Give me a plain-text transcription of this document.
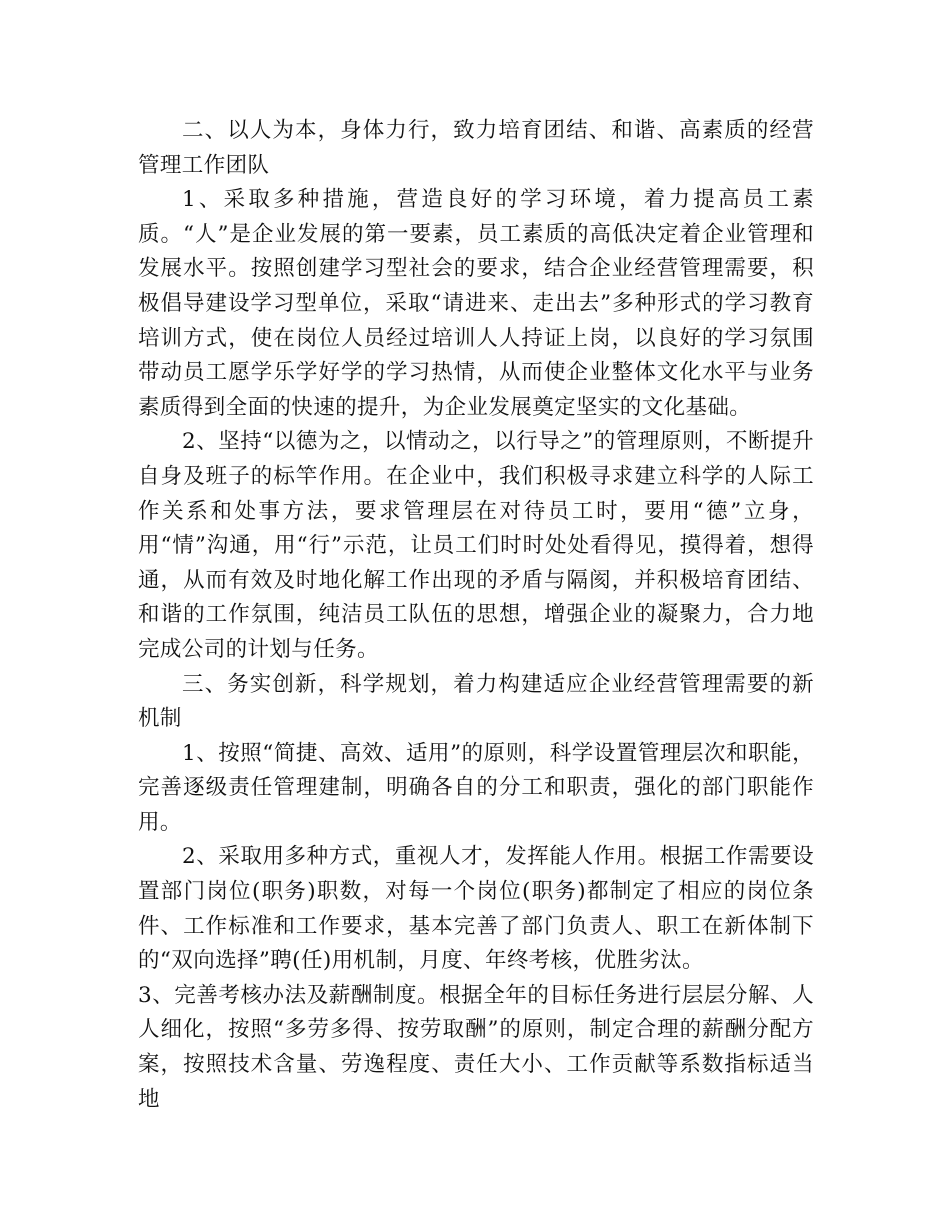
二、以人为本，身体力行，致力培育团结、和谐、高素质的经营管理工作团队

1、采取多种措施，营造良好的学习环境，着力提高员工素质。“人”是企业发展的第一要素，员工素质的高低决定着企业管理和发展水平。按照创建学习型社会的要求，结合企业经营管理需要，积极倡导建设学习型单位，采取“请进来、走出去”多种形式的学习教育培训方式，使在岗位人员经过培训人人持证上岗，以良好的学习氛围带动员工愿学乐学好学的学习热情，从而使企业整体文化水平与业务素质得到全面的快速的提升，为企业发展奠定坚实的文化基础。

2、坚持“以德为之，以情动之，以行导之”的管理原则，不断提升自身及班子的标竿作用。在企业中，我们积极寻求建立科学的人际工作关系和处事方法，要求管理层在对待员工时，要用“德”立身，用“情”沟通，用“行”示范，让员工们时时处处看得见，摸得着，想得通，从而有效及时地化解工作出现的矛盾与隔阂，并积极培育团结、和谐的工作氛围，纯洁员工队伍的思想，增强企业的凝聚力，合力地完成公司的计划与任务。

三、务实创新，科学规划，着力构建适应企业经营管理需要的新机制

1、按照“简捷、高效、适用”的原则，科学设置管理层次和职能，完善逐级责任管理建制，明确各自的分工和职责，强化的部门职能作用。

2、采取用多种方式，重视人才，发挥能人作用。根据工作需要设置部门岗位(职务)职数，对每一个岗位(职务)都制定了相应的岗位条件、工作标准和工作要求，基本完善了部门负责人、职工在新体制下的“双向选择”聘(任)用机制，月度、年终考核，优胜劣汰。

3、完善考核办法及薪酬制度。根据全年的目标任务进行层层分解、人人细化，按照“多劳多得、按劳取酬”的原则，制定合理的薪酬分配方案，按照技术含量、劳逸程度、责任大小、工作贡献等系数指标适当地
